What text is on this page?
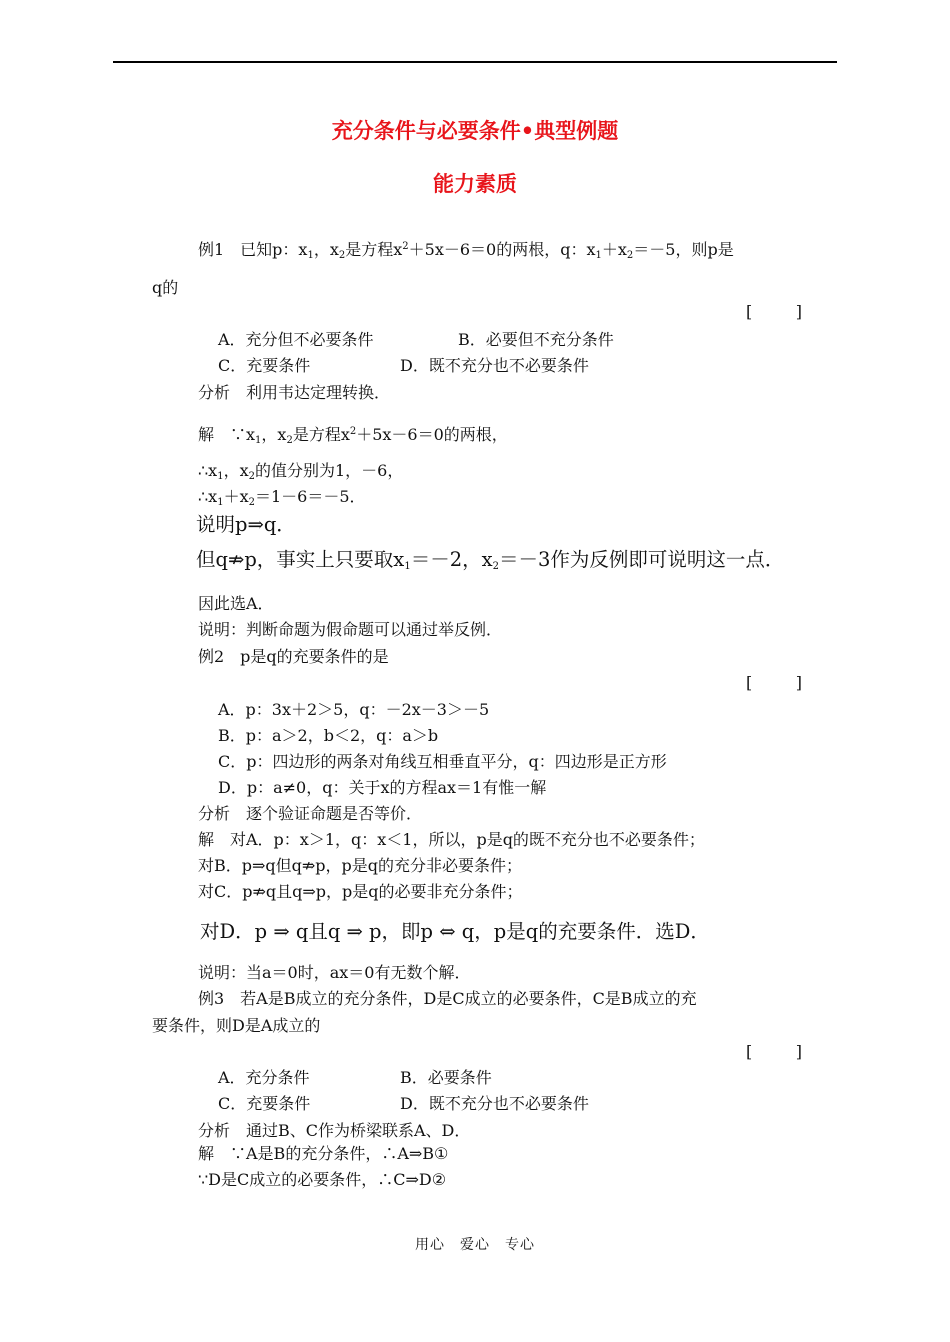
充分条件与必要条件•典型例题
能力素质
例1　已知p：$x_1$，$x_2$是方程$x^2+5x-6=0$的两根，q：$x_1+x_2=-5$，则p是
q的
[	]
A．充分但不必要条件	B．必要但不充分条件
C．充要条件	D．既不充分也不必要条件
分析　利用韦达定理转换．
解　$\because x_1$，$x_2$是方程$x^2+5x-6=0$的两根，
$\therefore x_1$，$x_2$的值分别为1，－6，
$\therefore x_1+x_2=1-6=-5$．
说明p⇒q．
但q⇏p，事实上只要取$x_1=-2$，$x_2=-3$作为反例即可说明这一点．
因此选A．
说明：判断命题为假命题可以通过举反例．
例2　p是q的充要条件的是
[	]
A．p：3x＋2＞5，q：－2x－3＞－5
B．p：a＞2，b＜2，q：a＞b
C．p：四边形的两条对角线互相垂直平分，q：四边形是正方形
D．p：a≠0，q：关于x的方程ax＝1有惟一解
分析　逐个验证命题是否等价．
解　对A．p：x＞1，q：x＜1，所以，p是q的既不充分也不必要条件；
对B．p⇒q但q⇏p，p是q的充分非必要条件；
对C．p⇏q且q⇒p，p是q的必要非充分条件；
对D．p ⇒ q且q ⇒ p，即p ⇔ q，p是q的充要条件．选D．
说明：当a＝0时，ax＝0有无数个解．
例3　若A是B成立的充分条件，D是C成立的必要条件，C是B成立的充
要条件，则D是A成立的
[	]
A．充分条件	B．必要条件
C．充要条件	D．既不充分也不必要条件
分析　通过B、C作为桥梁联系A、D．
解　∵A是B的充分条件，∴A⇒B①
∵D是C成立的必要条件，∴C⇒D②
用心　爱心　专心
